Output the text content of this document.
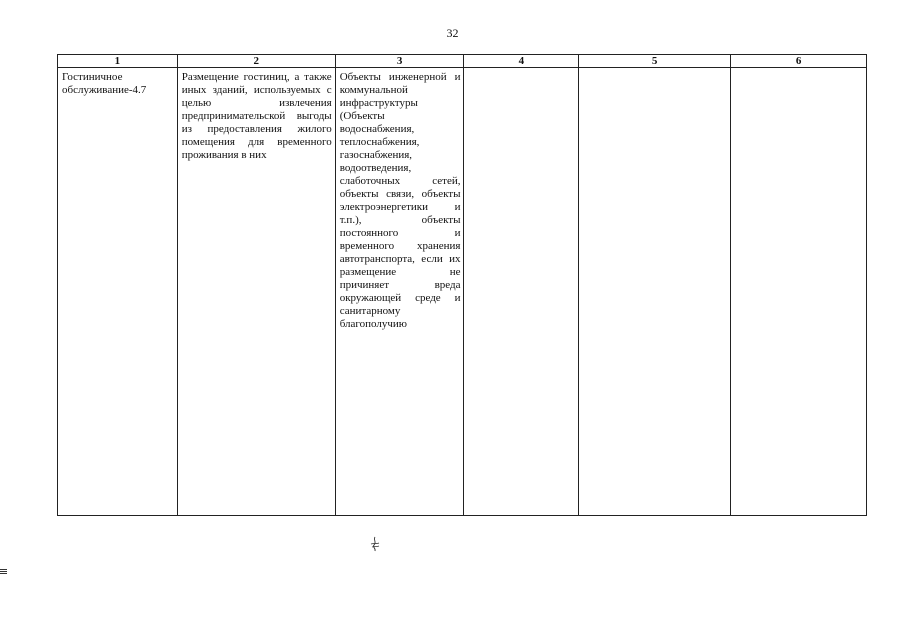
32
1	2	3	4	5	6

Гостиничное обслуживание-4.7	Размещение гостиниц, а также иных зданий, используемых с целью извлечения предпринимательской выгоды из предоставления жилого помещения для временного проживания в них	Объекты инженерной и коммунальной инфраструктуры (Объекты водоснабжения, теплоснабжения, газоснабжения, водоотведения, слаботочных сетей, объекты связи, объекты электроэнергетики и т.п.), объекты постоянного и временного хранения автотранспорта, если их размещение не причиняет вреда окружающей среде и санитарному благополучию			
